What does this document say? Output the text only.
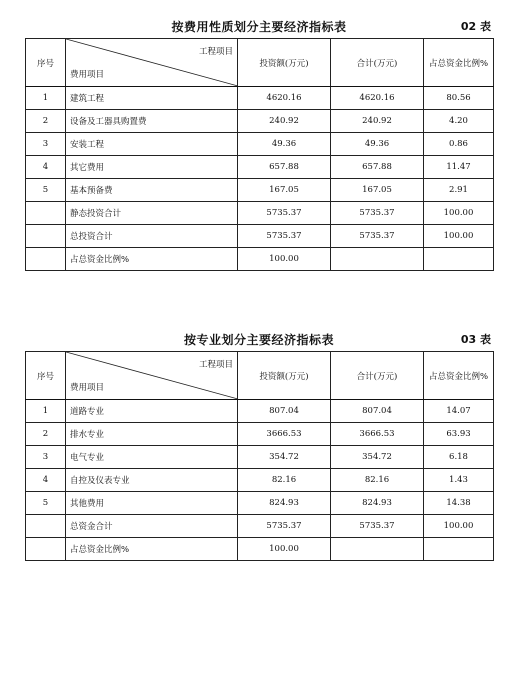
按费用性质划分主要经济指标表	02 表
序号	工程项目
费用项目	投资额(万元)	合计(万元)	占总资金比例%
1	建筑工程	4620.16	4620.16	80.56
2	设备及工器具购置费	240.92	240.92	4.20
3	安装工程	49.36	49.36	0.86
4	其它费用	657.88	657.88	11.47
5	基本预备费	167.05	167.05	2.91
	静态投资合计	5735.37	5735.37	100.00
	总投资合计	5735.37	5735.37	100.00
	占总资金比例%	100.00		
按专业划分主要经济指标表	03 表
序号	工程项目
费用项目	投资额(万元)	合计(万元)	占总资金比例%
1	道路专业	807.04	807.04	14.07
2	排水专业	3666.53	3666.53	63.93
3	电气专业	354.72	354.72	6.18
4	自控及仪表专业	82.16	82.16	1.43
5	其他费用	824.93	824.93	14.38
	总资金合计	5735.37	5735.37	100.00
	占总资金比例%	100.00		
